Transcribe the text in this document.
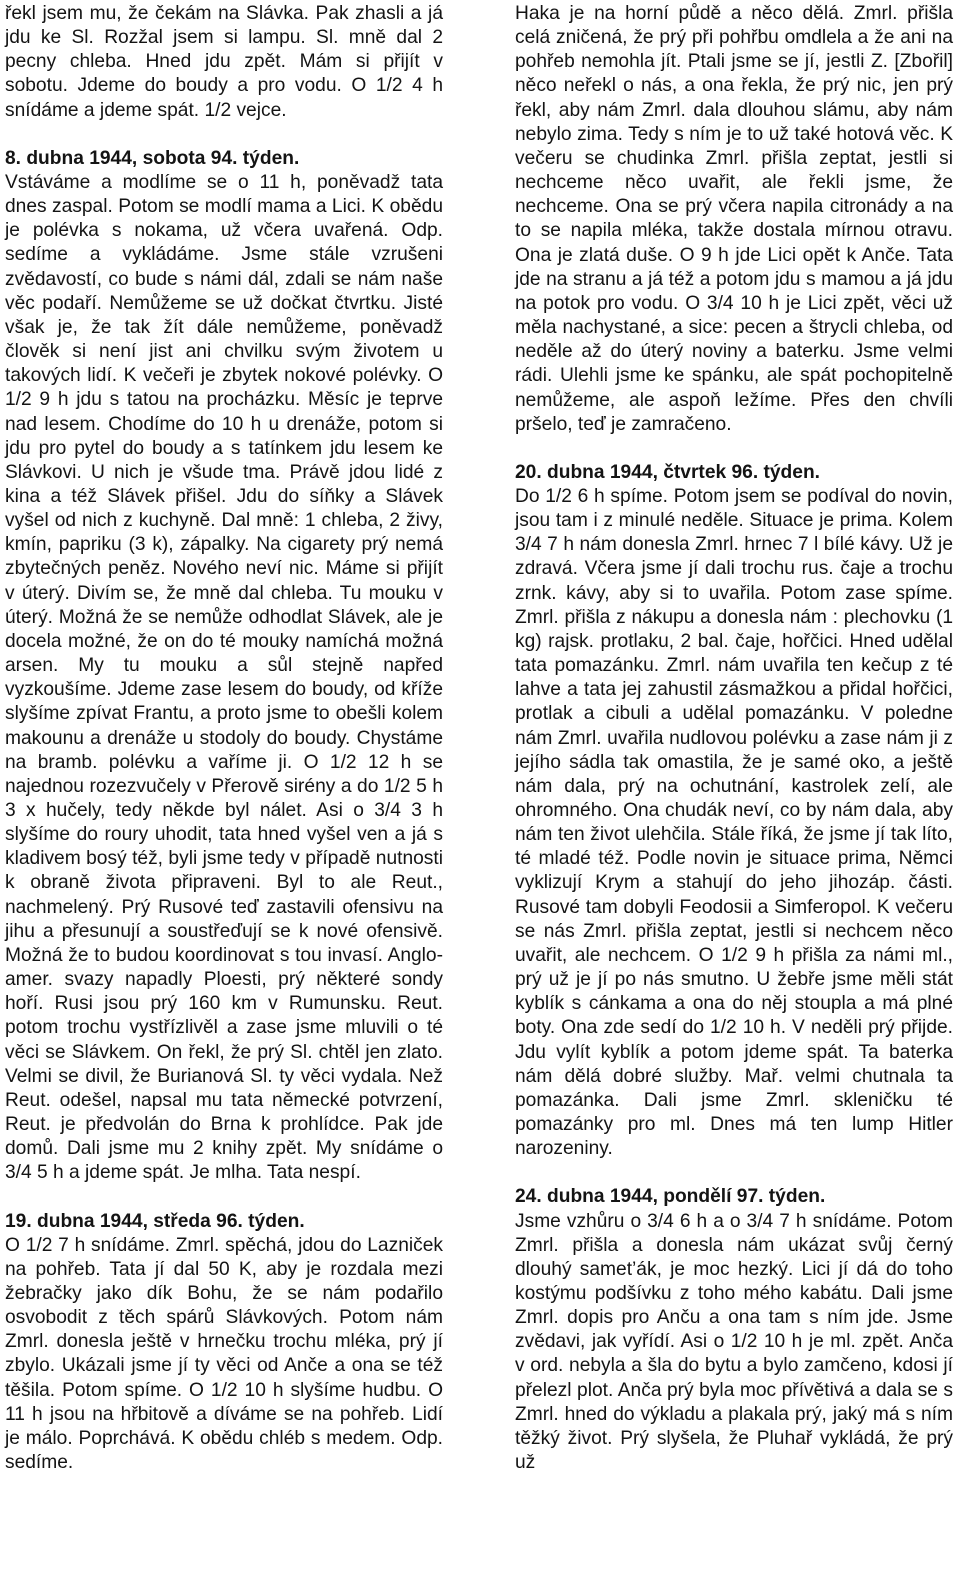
řekl jsem mu, že čekám na Slávka. Pak zhasli a já jdu ke Sl. Rozžal jsem si lampu. Sl. mně dal 2 pecny chleba. Hned jdu zpět. Mám si přijít v sobotu. Jdeme do boudy a pro vodu. O 1/2 4 h snídáme a jdeme spát. 1/2 vejce.

8. dubna 1944, sobota 94. týden.

Vstáváme a modlíme se o 11 h, poněvadž tata dnes zaspal. Potom se modlí mama a Lici. K obědu je polévka s nokama, už včera uvařená. Odp. sedíme a vykládáme. Jsme stále vzrušeni zvědavostí, co bude s námi dál, zdali se nám naše věc podaří. Nemůžeme se už dočkat čtvrtku. Jisté však je, že tak žít dále nemůžeme, poněvadž člověk si není jist ani chvilku svým životem u takových lidí. K večeři je zbytek nokové polévky. O 1/2 9 h jdu s tatou na procházku. Měsíc je teprve nad lesem. Chodíme do 10 h u drenáže, potom si jdu pro pytel do boudy a s tatínkem jdu lesem ke Slávkovi. U nich je všude tma. Právě jdou lidé z kina a též Slávek přišel. Jdu do síňky a Slávek vyšel od nich z kuchyně. Dal mně: 1 chleba, 2 živy, kmín, papriku (3 k), zápalky. Na cigarety prý nemá zbytečných peněz. Nového neví nic. Máme si přijít v úterý. Divím se, že mně dal chleba. Tu mouku v úterý. Možná že se nemůže odhodlat Slávek, ale je docela možné, že on do té mouky namíchá možná arsen. My tu mouku a sůl stejně napřed vyzkoušíme. Jdeme zase lesem do boudy, od kříže slyšíme zpívat Frantu, a proto jsme to obešli kolem makounu a drenáže u stodoly do boudy. Chystáme na bramb. polévku a vaříme ji. O 1/2 12 h se najednou rozezvučely v Přerově sirény a do 1/2 5 h 3 x hučely, tedy někde byl nálet. Asi o 3/4 3 h slyšíme do roury uhodit, tata hned vyšel ven a já s kladivem bosý též, byli jsme tedy v případě nutnosti k obraně života připraveni. Byl to ale Reut., nachmelený. Prý Rusové teď zastavili ofensivu na jihu a přesunují a soustřeďují se k nové ofensivě. Možná že to budou koordinovat s tou invasí. Anglo-amer. svazy napadly Ploesti, prý některé sondy hoří. Rusi jsou prý 160 km v Rumunsku. Reut. potom trochu vystřízlivěl a zase jsme mluvili o té věci se Slávkem. On řekl, že prý Sl. chtěl jen zlato. Velmi se divil, že Burianová Sl. ty věci vydala. Než Reut. odešel, napsal mu tata německé potvrzení, Reut. je předvolán do Brna k prohlídce. Pak jde domů. Dali jsme mu 2 knihy zpět. My snídáme o 3/4 5 h a jdeme spát. Je mlha. Tata nespí.

19. dubna 1944, středa 96. týden.

O 1/2 7 h snídáme. Zmrl. spěchá, jdou do Lazniček na pohřeb. Tata jí dal 50 K, aby je rozdala mezi žebračky jako dík Bohu, že se nám podařilo osvobodit z těch spárů Slávkových. Potom nám Zmrl. donesla ještě v hrnečku trochu mléka, prý jí zbylo. Ukázali jsme jí ty věci od Anče a ona se též těšila. Potom spíme. O 1/2 10 h slyšíme hudbu. O 11 h jsou na hřbitově a díváme se na pohřeb. Lidí je málo. Poprchává. K obědu chléb s medem. Odp. sedíme.

Haka je na horní půdě a něco dělá. Zmrl. přišla celá zničená, že prý při pohřbu omdlela a že ani na pohřeb nemohla jít. Ptali jsme se jí, jestli Z. [Zbořil] něco neřekl o nás, a ona řekla, že prý nic, jen prý řekl, aby nám Zmrl. dala dlouhou slámu, aby nám nebylo zima. Tedy s ním je to už také hotová věc. K večeru se chudinka Zmrl. přišla zeptat, jestli si nechceme něco uvařit, ale řekli jsme, že nechceme. Ona se prý včera napila citronády a na to se napila mléka, takže dostala mírnou otravu. Ona je zlatá duše. O 9 h jde Lici opět k Anče. Tata jde na stranu a já též a potom jdu s mamou a já jdu na potok pro vodu. O 3/4 10 h je Lici zpět, věci už měla nachystané, a sice: pecen a štrycli chleba, od neděle až do úterý noviny a baterku. Jsme velmi rádi. Ulehli jsme ke spánku, ale spát pochopitelně nemůžeme, ale aspoň ležíme. Přes den chvíli pršelo, teď je zamračeno.

20. dubna 1944, čtvrtek 96. týden.

Do 1/2 6 h spíme. Potom jsem se podíval do novin, jsou tam i z minulé neděle. Situace je prima. Kolem 3/4 7 h nám donesla Zmrl. hrnec 7 l bílé kávy. Už je zdravá. Včera jsme jí dali trochu rus. čaje a trochu zrnk. kávy, aby si to uvařila. Potom zase spíme. Zmrl. přišla z nákupu a donesla nám : plechovku (1 kg) rajsk. protlaku, 2 bal. čaje, hořčici. Hned udělal tata pomazánku. Zmrl. nám uvařila ten kečup z té lahve a tata jej zahustil zásmažkou a přidal hořčici, protlak a cibuli a udělal pomazánku. V poledne nám Zmrl. uvařila nudlovou polévku a zase nám ji z jejího sádla tak omastila, že je samé oko, a ještě nám dala, prý na ochutnání, kastrolek zelí, ale ohromného. Ona chudák neví, co by nám dala, aby nám ten život ulehčila. Stále říká, že jsme jí tak líto, té mladé též. Podle novin je situace prima, Němci vyklizují Krym a stahují do jeho jihozáp. části. Rusové tam dobyli Feodosii a Simferopol. K večeru se nás Zmrl. přišla zeptat, jestli si nechcem něco uvařit, ale nechcem. O 1/2 9 h přišla za námi ml., prý už je jí po nás smutno. U žebře jsme měli stát kyblík s cánkama a ona do něj stoupla a má plné boty. Ona zde sedí do 1/2 10 h. V neděli prý přijde. Jdu vylít kyblík a potom jdeme spát. Ta baterka nám dělá dobré služby. Mař. velmi chutnala ta pomazánka. Dali jsme Zmrl. skleničku té pomazánky pro ml. Dnes má ten lump Hitler narozeniny.

24. dubna 1944, pondělí 97. týden.

Jsme vzhůru o 3/4 6 h a o 3/4 7 h snídáme. Potom Zmrl. přišla a donesla nám ukázat svůj černý dlouhý samet’ák, je moc hezký. Lici jí dá do toho kostýmu podšívku z toho mého kabátu. Dali jsme Zmrl. dopis pro Anču a ona tam s ním jde. Jsme zvědavi, jak vyřídí. Asi o 1/2 10 h je ml. zpět. Anča v ord. nebyla a šla do bytu a bylo zamčeno, kdosi jí přelezl plot. Anča prý byla moc přívětivá a dala se s Zmrl. hned do výkladu a plakala prý, jaký má s ním těžký život. Prý slyšela, že Pluhař vykládá, že prý už
